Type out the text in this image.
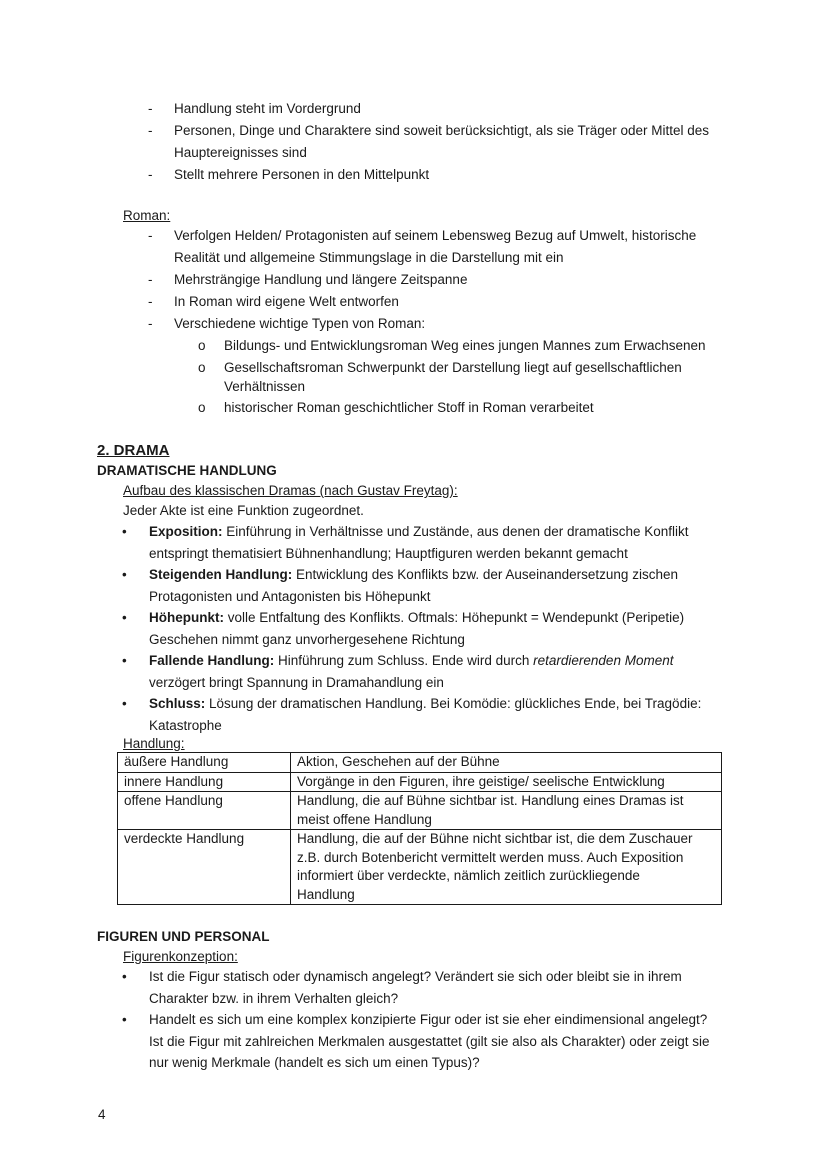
- Handlung steht im Vordergrund
- Personen, Dinge und Charaktere sind soweit berücksichtigt, als sie Träger oder Mittel des
Hauptereignisses sind
- Stellt mehrere Personen in den Mittelpunkt
Roman:
- Verfolgen Helden/ Protagonisten auf seinem Lebensweg Bezug auf Umwelt, historische
Realität und allgemeine Stimmungslage in die Darstellung mit ein
- Mehrsträngige Handlung und längere Zeitspanne
- In Roman wird eigene Welt entworfen
- Verschiedene wichtige Typen von Roman:
o Bildungs- und Entwicklungsroman Weg eines jungen Mannes zum Erwachsenen
o Gesellschaftsroman Schwerpunkt der Darstellung liegt auf gesellschaftlichen
Verhältnissen
o historischer Roman geschichtlicher Stoff in Roman verarbeitet
2. DRAMA
DRAMATISCHE HANDLUNG
Aufbau des klassischen Dramas (nach Gustav Freytag):
Jeder Akte ist eine Funktion zugeordnet.
• Exposition: Einführung in Verhältnisse und Zustände, aus denen der dramatische Konflikt
entspringt thematisiert Bühnenhandlung; Hauptfiguren werden bekannt gemacht
• Steigenden Handlung: Entwicklung des Konflikts bzw. der Auseinandersetzung zischen
Protagonisten und Antagonisten bis Höhepunkt
• Höhepunkt: volle Entfaltung des Konflikts. Oftmals: Höhepunkt = Wendepunkt (Peripetie)
Geschehen nimmt ganz unvorhergesehene Richtung
• Fallende Handlung: Hinführung zum Schluss. Ende wird durch retardierenden Moment
verzögert bringt Spannung in Dramahandlung ein
• Schluss: Lösung der dramatischen Handlung. Bei Komödie: glückliches Ende, bei Tragödie:
Katastrophe
Handlung:
äußere Handlung	Aktion, Geschehen auf der Bühne

innere Handlung	Vorgänge in den Figuren, ihre geistige/ seelische Entwicklung

offene Handlung	Handlung, die auf Bühne sichtbar ist. Handlung eines Dramas ist
meist offene Handlung

verdeckte Handlung	Handlung, die auf der Bühne nicht sichtbar ist, die dem Zuschauer
z.B. durch Botenbericht vermittelt werden muss. Auch Exposition
informiert über verdeckte, nämlich zeitlich zurückliegende
Handlung
FIGUREN UND PERSONAL
Figurenkonzeption:
• Ist die Figur statisch oder dynamisch angelegt? Verändert sie sich oder bleibt sie in ihrem
Charakter bzw. in ihrem Verhalten gleich?
• Handelt es sich um eine komplex konzipierte Figur oder ist sie eher eindimensional angelegt?
Ist die Figur mit zahlreichen Merkmalen ausgestattet (gilt sie also als Charakter) oder zeigt sie
nur wenig Merkmale (handelt es sich um einen Typus)?
4
